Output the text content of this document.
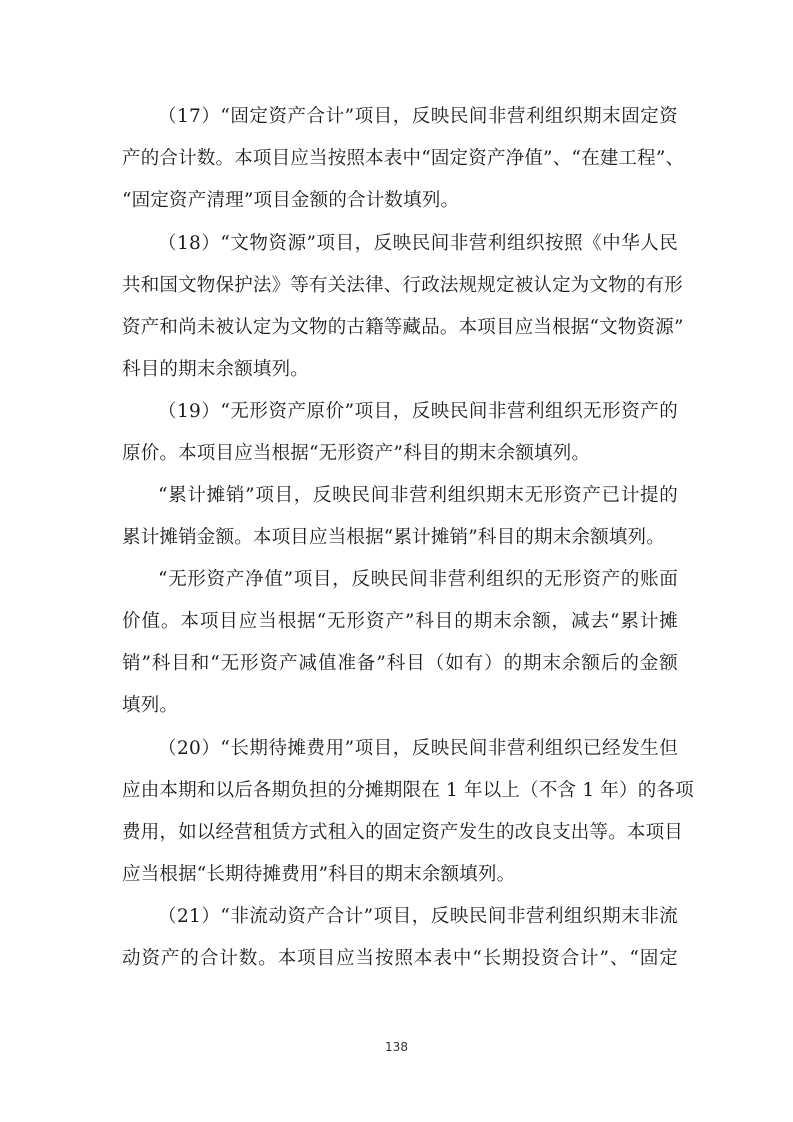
（17）“固定资产合计”项目，反映民间非营利组织期末固定资
产的合计数。本项目应当按照本表中“固定资产净值”、“在建工程”、
“固定资产清理”项目金额的合计数填列。
（18）“文物资源”项目，反映民间非营利组织按照《中华人民
共和国文物保护法》等有关法律、行政法规规定被认定为文物的有形
资产和尚未被认定为文物的古籍等藏品。本项目应当根据“文物资源”
科目的期末余额填列。
（19）“无形资产原价”项目，反映民间非营利组织无形资产的
原价。本项目应当根据“无形资产”科目的期末余额填列。
“累计摊销”项目，反映民间非营利组织期末无形资产已计提的
累计摊销金额。本项目应当根据“累计摊销”科目的期末余额填列。
“无形资产净值”项目，反映民间非营利组织的无形资产的账面
价值。本项目应当根据“无形资产”科目的期末余额，减去“累计摊
销”科目和“无形资产减值准备”科目（如有）的期末余额后的金额
填列。
（20）“长期待摊费用”项目，反映民间非营利组织已经发生但
应由本期和以后各期负担的分摊期限在 1 年以上（不含 1 年）的各项
费用，如以经营租赁方式租入的固定资产发生的改良支出等。本项目
应当根据“长期待摊费用”科目的期末余额填列。
（21）“非流动资产合计”项目，反映民间非营利组织期末非流
动资产的合计数。本项目应当按照本表中“长期投资合计”、“固定
138
